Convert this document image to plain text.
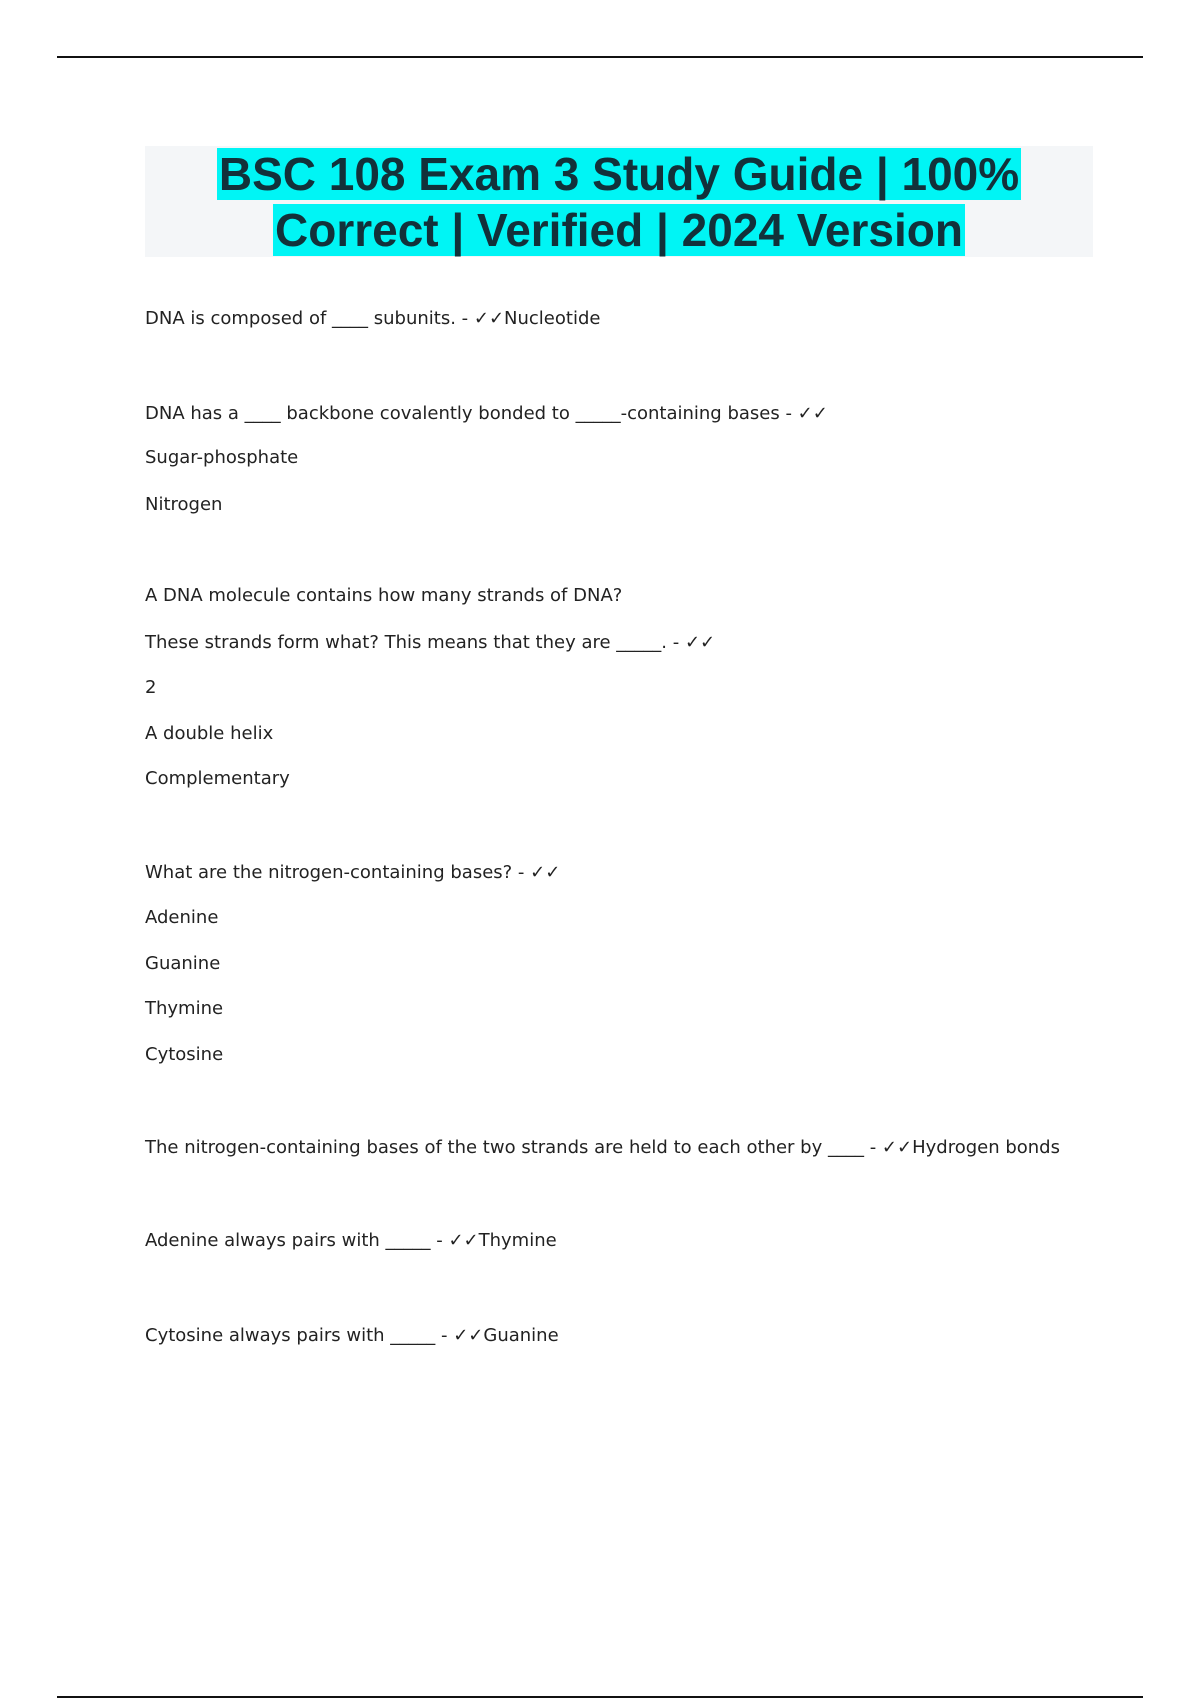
BSC 108 Exam 3 Study Guide | 100%
Correct | Verified | 2024 Version
DNA is composed of ____ subunits. - ✓✓Nucleotide
DNA has a ____ backbone covalently bonded to _____-containing bases - ✓✓
Sugar-phosphate
Nitrogen
A DNA molecule contains how many strands of DNA?
These strands form what? This means that they are _____. - ✓✓
2
A double helix
Complementary
What are the nitrogen-containing bases? - ✓✓
Adenine
Guanine
Thymine
Cytosine
The nitrogen-containing bases of the two strands are held to each other by ____ - ✓✓Hydrogen bonds
Adenine always pairs with _____ - ✓✓Thymine
Cytosine always pairs with _____ - ✓✓Guanine
